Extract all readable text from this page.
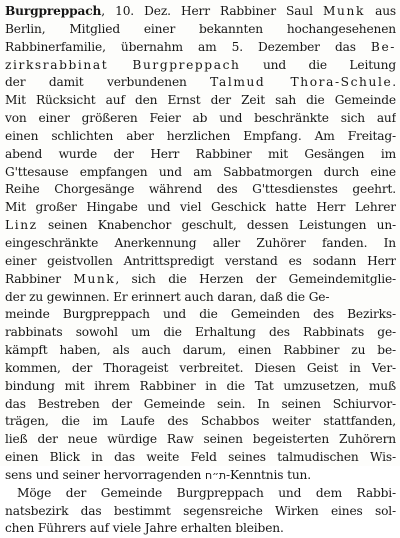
Burgpreppach, 10. Dez. Herr Rabbiner Saul Munk aus
Berlin, Mitglied einer bekannten hochangesehenen
Rabbinerfamilie, übernahm am 5. Dezember das Be-
zirksrabbinat Burgpreppach und die Leitung
der damit verbundenen Talmud Thora-Schule.
Mit Rücksicht auf den Ernst der Zeit sah die Gemeinde
von einer größeren Feier ab und beschränkte sich auf
einen schlichten aber herzlichen Empfang. Am Freitag-
abend wurde der Herr Rabbiner mit Gesängen im
G'ttesause empfangen und am Sabbatmorgen durch eine
Reihe Chorgesänge während des G'ttesdienstes geehrt.
Mit großer Hingabe und viel Geschick hatte Herr Lehrer
Linz seinen Knabenchor geschult, dessen Leistungen un-
eingeschränkte Anerkennung aller Zuhörer fanden. In
einer geistvollen Antrittspredigt verstand es sodann Herr
Rabbiner Munk, sich die Herzen der Gemeindemitglie-
der zu gewinnen. Er erinnert auch daran, daß die Ge-
meinde Burgpreppach und die Gemeinden des Bezirks-
rabbinats sowohl um die Erhaltung des Rabbinats ge-
kämpft haben, als auch darum, einen Rabbiner zu be-
kommen, der Thorageist verbreitet. Diesen Geist in Ver-
bindung mit ihrem Rabbiner in die Tat umzusetzen, muß
das Bestreben der Gemeinde sein. In seinen Schiurvor-
trägen, die im Laufe des Schabbos weiter stattfanden,
ließ der neue würdige Raw seinen begeisterten Zuhörern
einen Blick in das weite Feld seines talmudischen Wis-
sens und seiner hervorragenden ת״ח-Kenntnis tun.
Möge der Gemeinde Burgpreppach und dem Rabbi-
natsbezirk das bestimmt segensreiche Wirken eines sol-
chen Führers auf viele Jahre erhalten bleiben.
